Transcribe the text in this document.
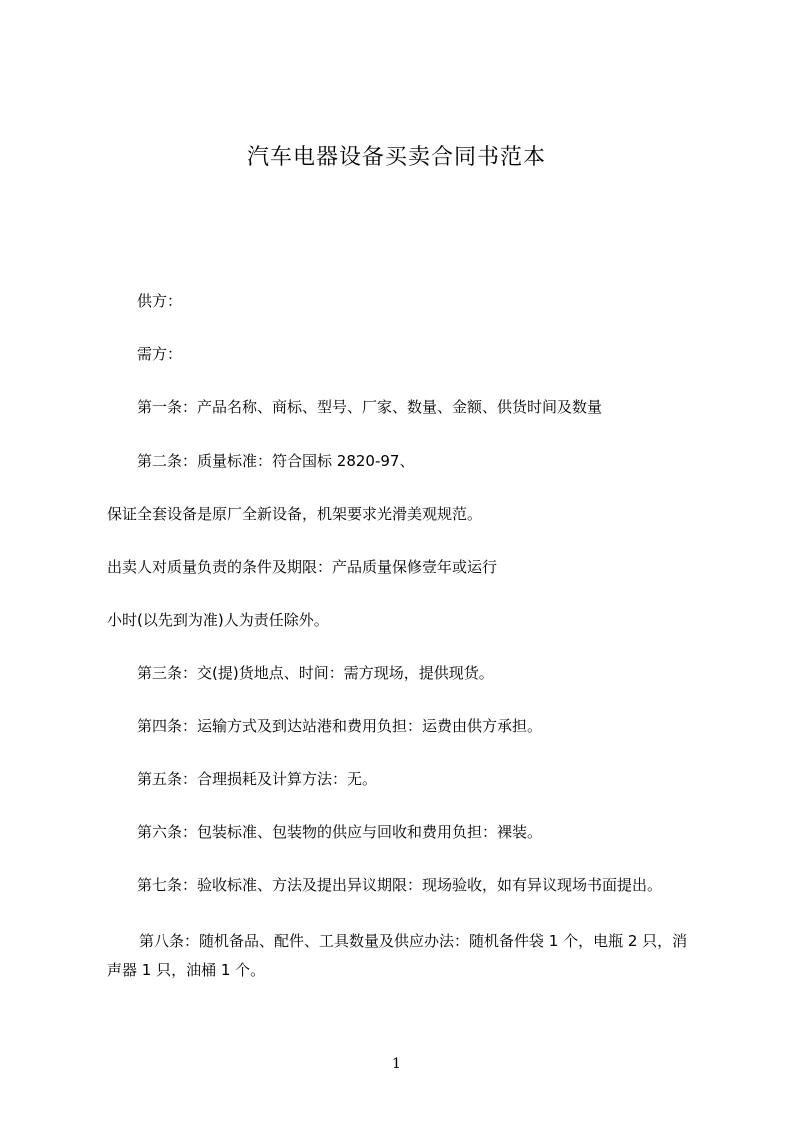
汽车电器设备买卖合同书范本
供方：
需方：
第一条：产品名称、商标、型号、厂家、数量、金额、供货时间及数量
第二条：质量标准：符合国标 2820-97、
保证全套设备是原厂全新设备，机架要求光滑美观规范。
出卖人对质量负责的条件及期限：产品质量保修壹年或运行
小时(以先到为准)人为责任除外。
第三条：交(提)货地点、时间：需方现场，提供现货。
第四条：运输方式及到达站港和费用负担：运费由供方承担。
第五条：合理损耗及计算方法：无。
第六条：包装标准、包装物的供应与回收和费用负担：裸装。
第七条：验收标准、方法及提出异议期限：现场验收，如有异议现场书面提出。
第八条：随机备品、配件、工具数量及供应办法：随机备件袋 1 个，电瓶 2 只，消声器 1 只，油桶 1 个。
1
